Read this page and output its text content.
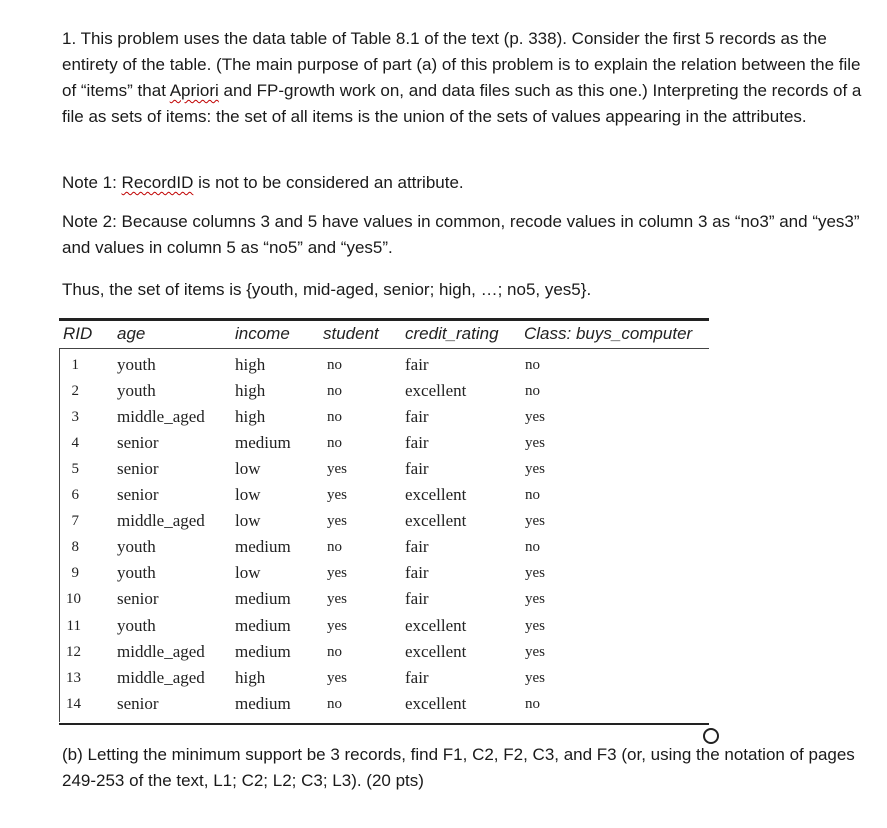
1. This problem uses the data table of Table 8.1 of the text (p. 338). Consider the first 5 records as the entirety of the table. (The main purpose of part (a) of this problem is to explain the relation between the file of “items” that Apriori and FP-growth work on, and data files such as this one.) Interpreting the records of a file as sets of items: the set of all items is the union of the sets of values appearing in the attributes.

Note 1: RecordID is not to be considered an attribute.

Note 2: Because columns 3 and 5 have values in common, recode values in column 3 as “no3” and “yes3” and values in column 5 as “no5” and “yes5”.

Thus, the set of items is {youth, mid-aged, senior; high, …; no5, yes5}.

(b) Letting the minimum support be 3 records, find F1, C2, F2, C3, and F3 (or, using the notation of pages 249-253 of the text, L1; C2; L2; C3; L3). (20 pts)

RID age	income student credit_rating Class: buys_computer
1 youth	high	no	fair	no
2 youth	high	no	excellent	no
3 middle_aged high	no	fair	yes
4 senior	medium no	fair	yes
5 senior	low	yes	fair	yes
6 senior	low	yes	excellent	no
7 middle_aged low	yes	excellent	yes
8 youth	medium no	fair	no
9 youth	low	yes	fair	yes
10 senior	medium yes	fair	yes
11 youth	medium yes	excellent	yes
12 middle_aged medium no	excellent	yes
13 middle_aged high	yes	fair	yes
14 senior	medium no	excellent	no
